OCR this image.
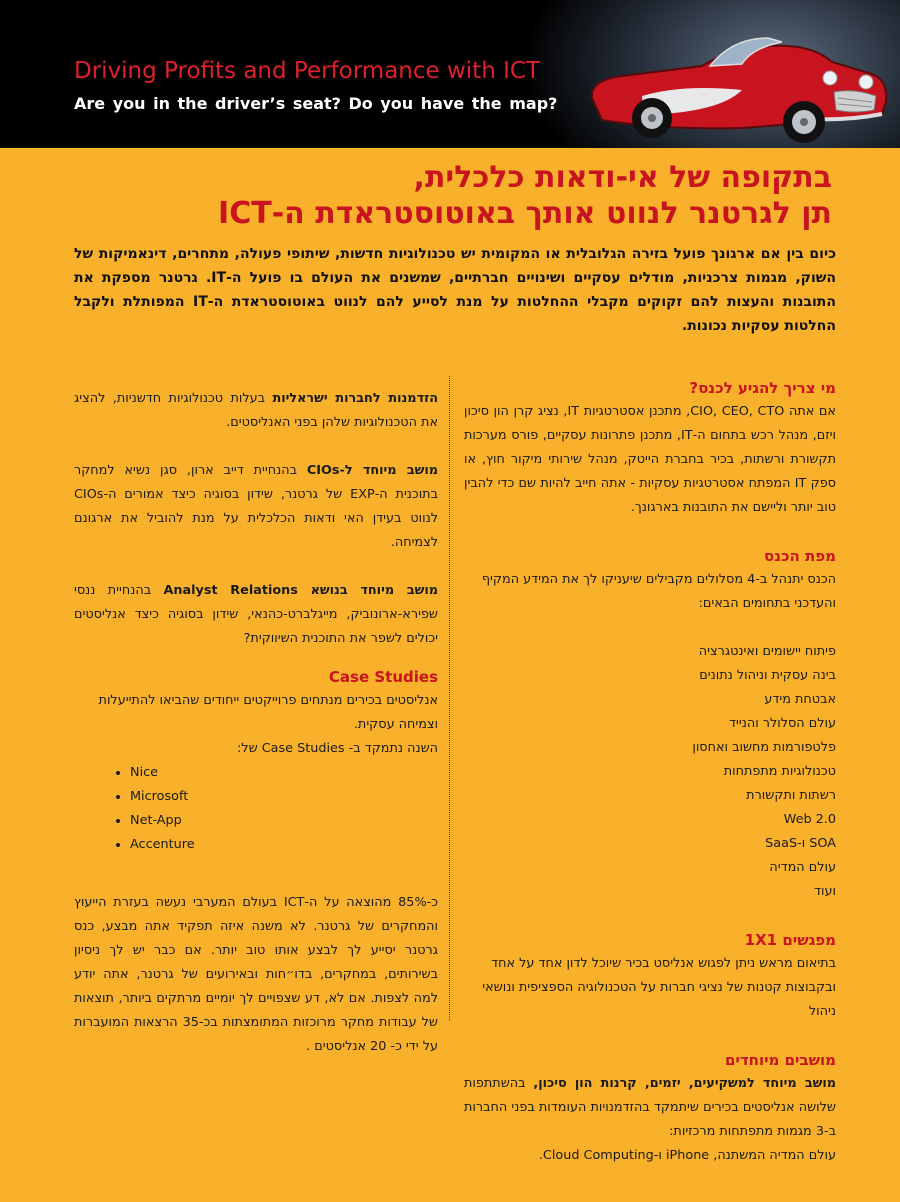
Driving Profits and Performance with ICT
Are you in the driver’s seat? Do you have the map?
בתקופה של אי-ודאות כלכלית,
תן לגרטנר לנווט אותך באוטוסטראדת ה-ICT
כיום בין אם ארגונך פועל בזירה הגלובלית או המקומית יש טכנולוגיות חדשות, שיתופי פעולה, מתחרים, דינאמיקות של השוק, מגמות צרכניות, מודלים עסקיים ושינויים חברתיים, שמשנים את העולם בו פועל ה-IT. גרטנר מספקת את התובנות והעצות להם זקוקים מקבלי ההחלטות על מנת לסייע להם לנווט באוטוסטראדת ה-IT המפותלת ולקבל החלטות עסקיות נכונות.
מי צריך להגיע לכנס?

אם אתה CIO, CEO, CTO, מתכנן אסטרטגיות IT, נציג קרן הון סיכון ויזם, מנהל רכש בתחום ה-IT, מתכנן פתרונות עסקיים, פורס מערכות תקשורת ורשתות, בכיר בחברת הייטק, מנהל שירותי מיקור חוץ, או ספק IT המפתח אסטרטגיות עסקיות - אתה חייב להיות שם כדי להבין טוב יותר וליישם את התובנות בארגונך.

מפת הכנס

הכנס יתנהל ב-4 מסלולים מקבילים שיעניקו לך את המידע המקיף והעדכני בתחומים הבאים:

פיתוח יישומים ואינטגרציה
בינה עסקית וניהול נתונים
אבטחת מידע
עולם הסלולר והנייד
פלטפורמות מחשוב ואחסון
טכנולוגיות מתפתחות
רשתות ותקשורת
Web 2.0
SOA ו-SaaS
עולם המדיה
ועוד
מפגשים 1X1

בתיאום מראש ניתן לפגוש אנליסט בכיר שיוכל לדון אחד על אחד ובקבוצות קטנות של נציגי חברות על הטכנולוגיה הספציפית ונושאי ניהול

מושבים מיוחדים

מושב מיוחד למשקיעים, יזמים, קרנות הון סיכון, בהשתתפות שלושה אנליסטים בכירים שיתמקד בהזדמנויות העומדות בפני החברות ב-3 מגמות מתפתחות מרכזיות:

עולם המדיה המשתנה, iPhone ו-Cloud Computing.

הזדמנות לחברות ישראליות בעלות טכנולוגיות חדשניות, להציג את הטכנולוגיות שלהן בפני האנליסטים.

מושב מיוחד ל-CIOs בהנחיית דייב ארון, סגן נשיא למחקר בתוכנית ה-EXP של גרטנר, שידון בסוגיה כיצד אמורים ה-CIOs לנווט בעידן האי ודאות הכלכלית על מנת להוביל את ארגונם לצמיחה.

מושב מיוחד בנושא Analyst Relations בהנחיית ננסי שפירא-ארונוביק, מייגלברט-כהנאי, שידון בסוגיה כיצד אנליסטים יכולים לשפר את התוכנית השיווקית?

Case Studies

אנליסטים בכירים מנתחים פרוייקטים ייחודים שהביאו להתייעלות וצמיחה עסקית.

השנה נתמקד ב- Case Studies של:

• Nice
• Microsoft
• Net-App
• Accenture

כ-85% מהוצאה על ה-ICT בעולם המערבי נעשה בעזרת הייעוץ והמחקרים של גרטנר. לא משנה איזה תפקיד אתה מבצע, כנס גרטנר יסייע לך לבצע אותו טוב יותר. אם כבר יש לך ניסיון בשירותים, במחקרים, בדו״חות ובאירועים של גרטנר, אתה יודע למה לצפות. אם לא, דע שצפויים לך יומיים מרתקים ביותר, תוצאות של עבודות מחקר מרוכזות המתומצתות בכ-35 הרצאות המועברות על ידי כ- 20 אנליסטים .
